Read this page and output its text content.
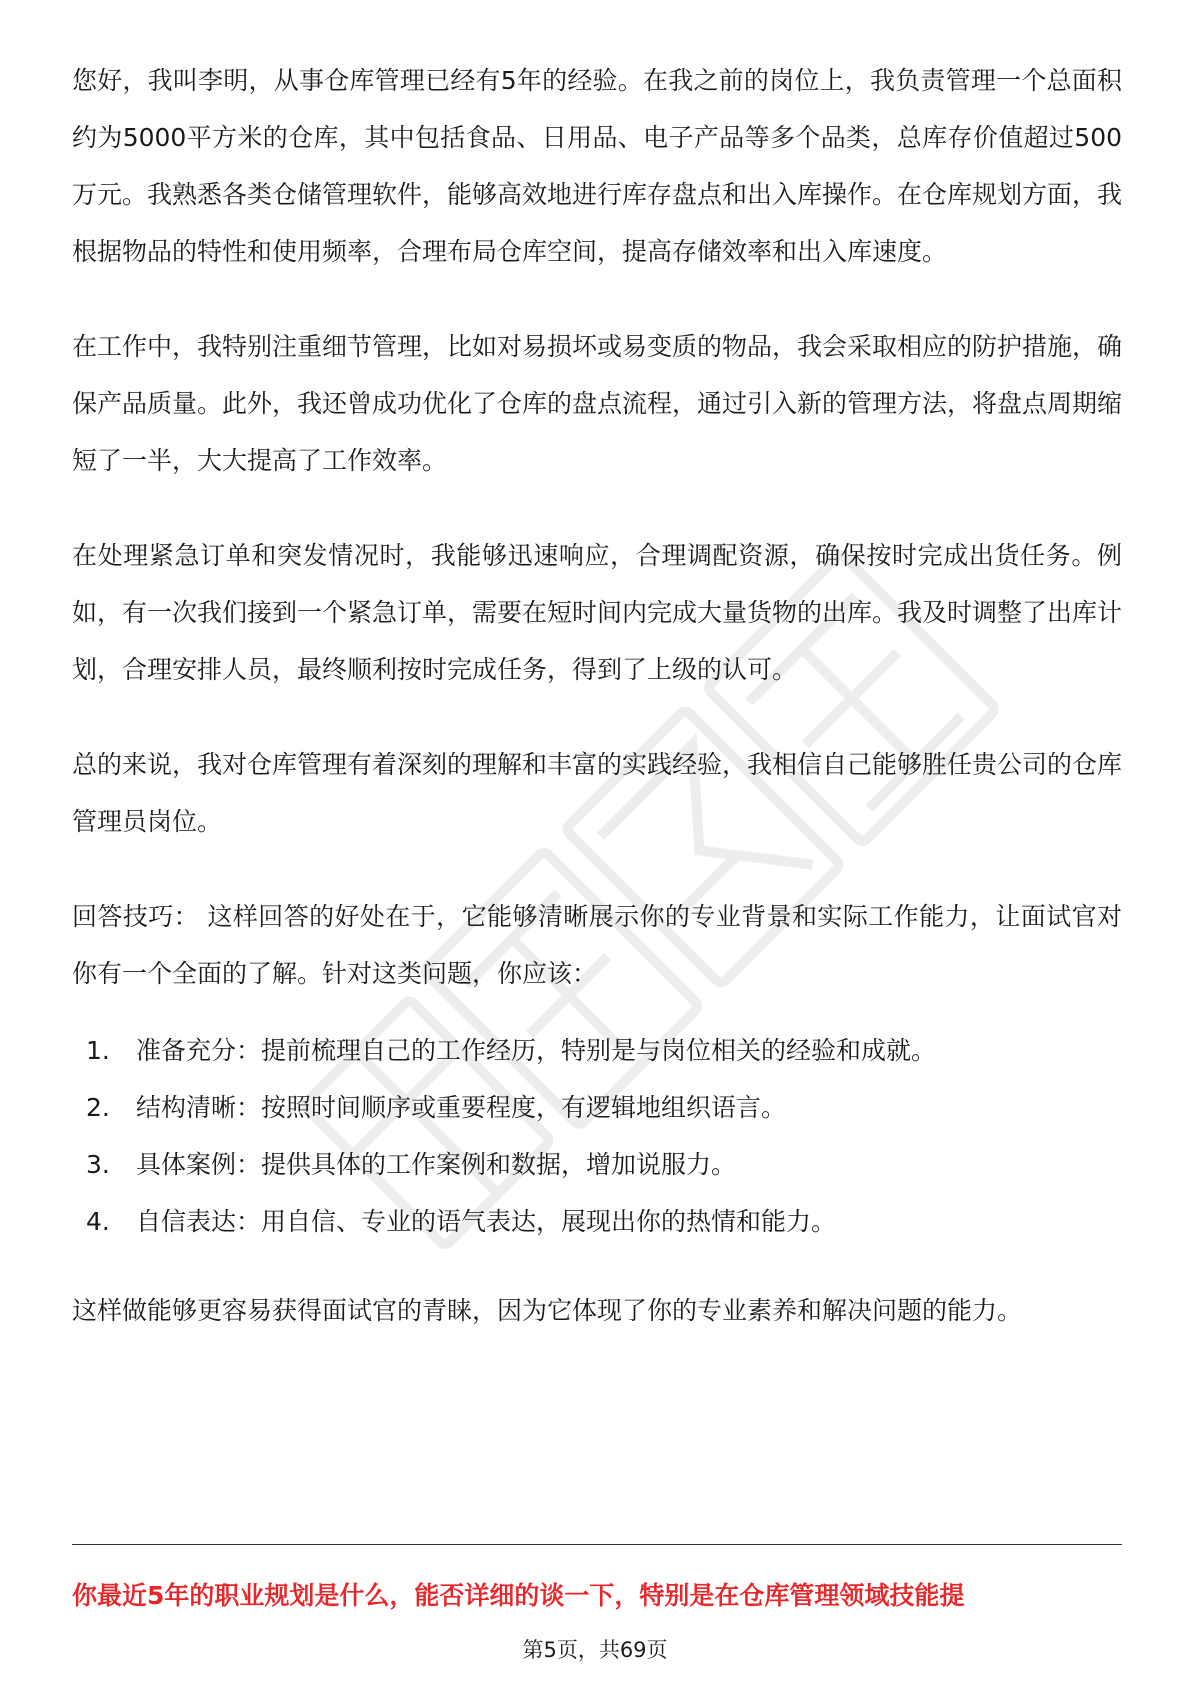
您好，我叫李明，从事仓库管理已经有5年的经验。在我之前的岗位上，我负责管理一个总面积约为5000平方米的仓库，其中包括食品、日用品、电子产品等多个品类，总库存价值超过500万元。我熟悉各类仓储管理软件，能够高效地进行库存盘点和出入库操作。在仓库规划方面，我根据物品的特性和使用频率，合理布局仓库空间，提高存储效率和出入库速度。

在工作中，我特别注重细节管理，比如对易损坏或易变质的物品，我会采取相应的防护措施，确保产品质量。此外，我还曾成功优化了仓库的盘点流程，通过引入新的管理方法，将盘点周期缩短了一半，大大提高了工作效率。

在处理紧急订单和突发情况时，我能够迅速响应，合理调配资源，确保按时完成出货任务。例如，有一次我们接到一个紧急订单，需要在短时间内完成大量货物的出库。我及时调整了出库计划，合理安排人员，最终顺利按时完成任务，得到了上级的认可。

总的来说，我对仓库管理有着深刻的理解和丰富的实践经验，我相信自己能够胜任贵公司的仓库管理员岗位。

回答技巧： 这样回答的好处在于，它能够清晰展示你的专业背景和实际工作能力，让面试官对你有一个全面的了解。针对这类问题，你应该：

1.	准备充分：提前梳理自己的工作经历，特别是与岗位相关的经验和成就。
2.	结构清晰：按照时间顺序或重要程度，有逻辑地组织语言。
3.	具体案例：提供具体的工作案例和数据，增加说服力。
4.	自信表达：用自信、专业的语气表达，展现出你的热情和能力。

这样做能够更容易获得面试官的青睐，因为它体现了你的专业素养和解决问题的能力。

你最近5年的职业规划是什么，能否详细的谈一下，特别是在仓库管理领域技能提
第5页，共69页
